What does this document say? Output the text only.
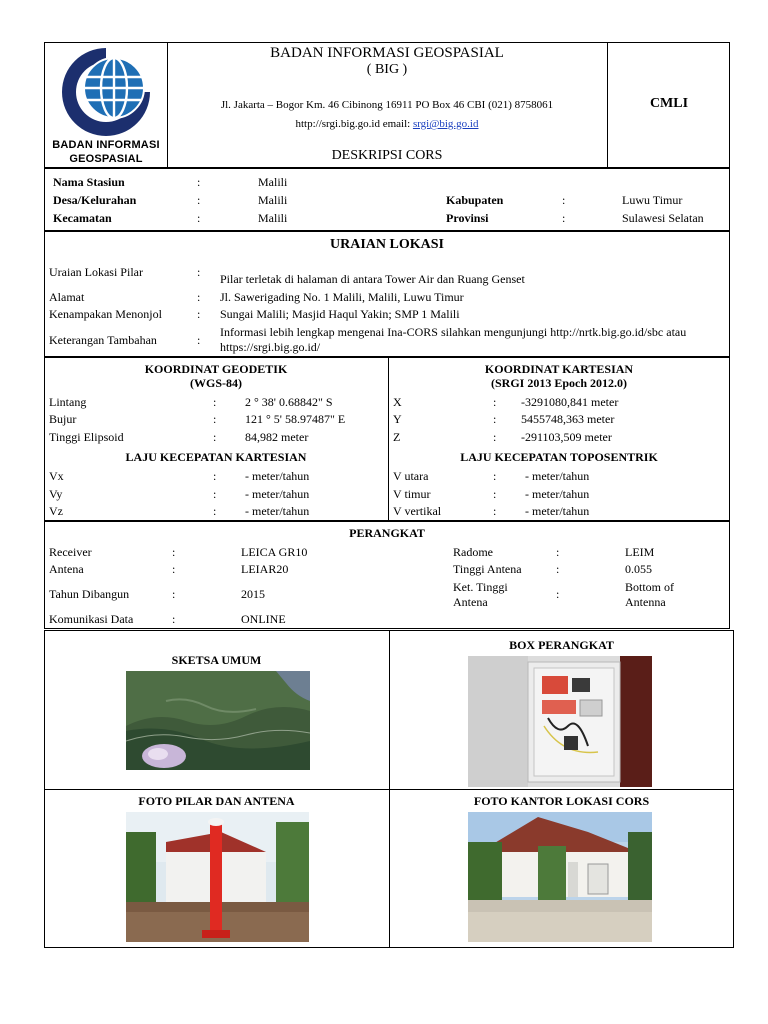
BADAN INFORMASI
GEOSPASIAL
BADAN INFORMASI GEOSPASIAL
( BIG )
Jl. Jakarta – Bogor Km. 46 Cibinong 16911 PO Box 46 CBI (021) 8758061
http://srgi.big.go.id email: srgi@big.go.id
DESKRIPSI CORS
CMLI
Nama Stasiun	:	Malili
Desa/Kelurahan	:	Malili
Kecamatan	:	Malili
Kabupaten	:	Luwu Timur
Provinsi	:	Sulawesi Selatan
URAIAN LOKASI
Uraian Lokasi Pilar	: Pilar terletak di halaman di antara Tower Air dan Ruang Genset
Alamat	: Jl. Sawerigading No. 1 Malili, Malili, Luwu Timur
Kenampakan Menonjol	: Sungai Malili; Masjid Haqul Yakin; SMP 1 Malili
Keterangan Tambahan	:
Informasi lebih lengkap mengenai Ina-CORS silahkan mengunjungi http://nrtk.big.go.id/sbc atau
https://srgi.big.go.id/
KOORDINAT GEODETIK
(WGS-84)
Lintang	: 2 ° 38' 0.68842" S
Bujur	: 121 ° 5' 58.97487" E
Tinggi Elipsoid	: 84,982 meter
KOORDINAT KARTESIAN
(SRGI 2013 Epoch 2012.0)
X	: -3291080,841 meter
Y	: 5455748,363 meter
Z	: -291103,509 meter
LAJU KECEPATAN KARTESIAN
Vx	: - meter/tahun
Vy	: - meter/tahun
Vz	: - meter/tahun
LAJU KECEPATAN TOPOSENTRIK
V utara	: - meter/tahun
V timur	: - meter/tahun
V vertikal	: - meter/tahun
PERANGKAT
Receiver	:	LEICA GR10
Antena	:	LEIAR20
Tahun Dibangun	:	2015
Komunikasi Data	:	ONLINE
Radome	:	LEIM
Tinggi Antena	:	0.055
Ket. Tinggi
Antena
:	Bottom of
Antenna
SKETSA UMUM
BOX PERANGKAT
FOTO PILAR DAN ANTENA	FOTO KANTOR LOKASI CORS
